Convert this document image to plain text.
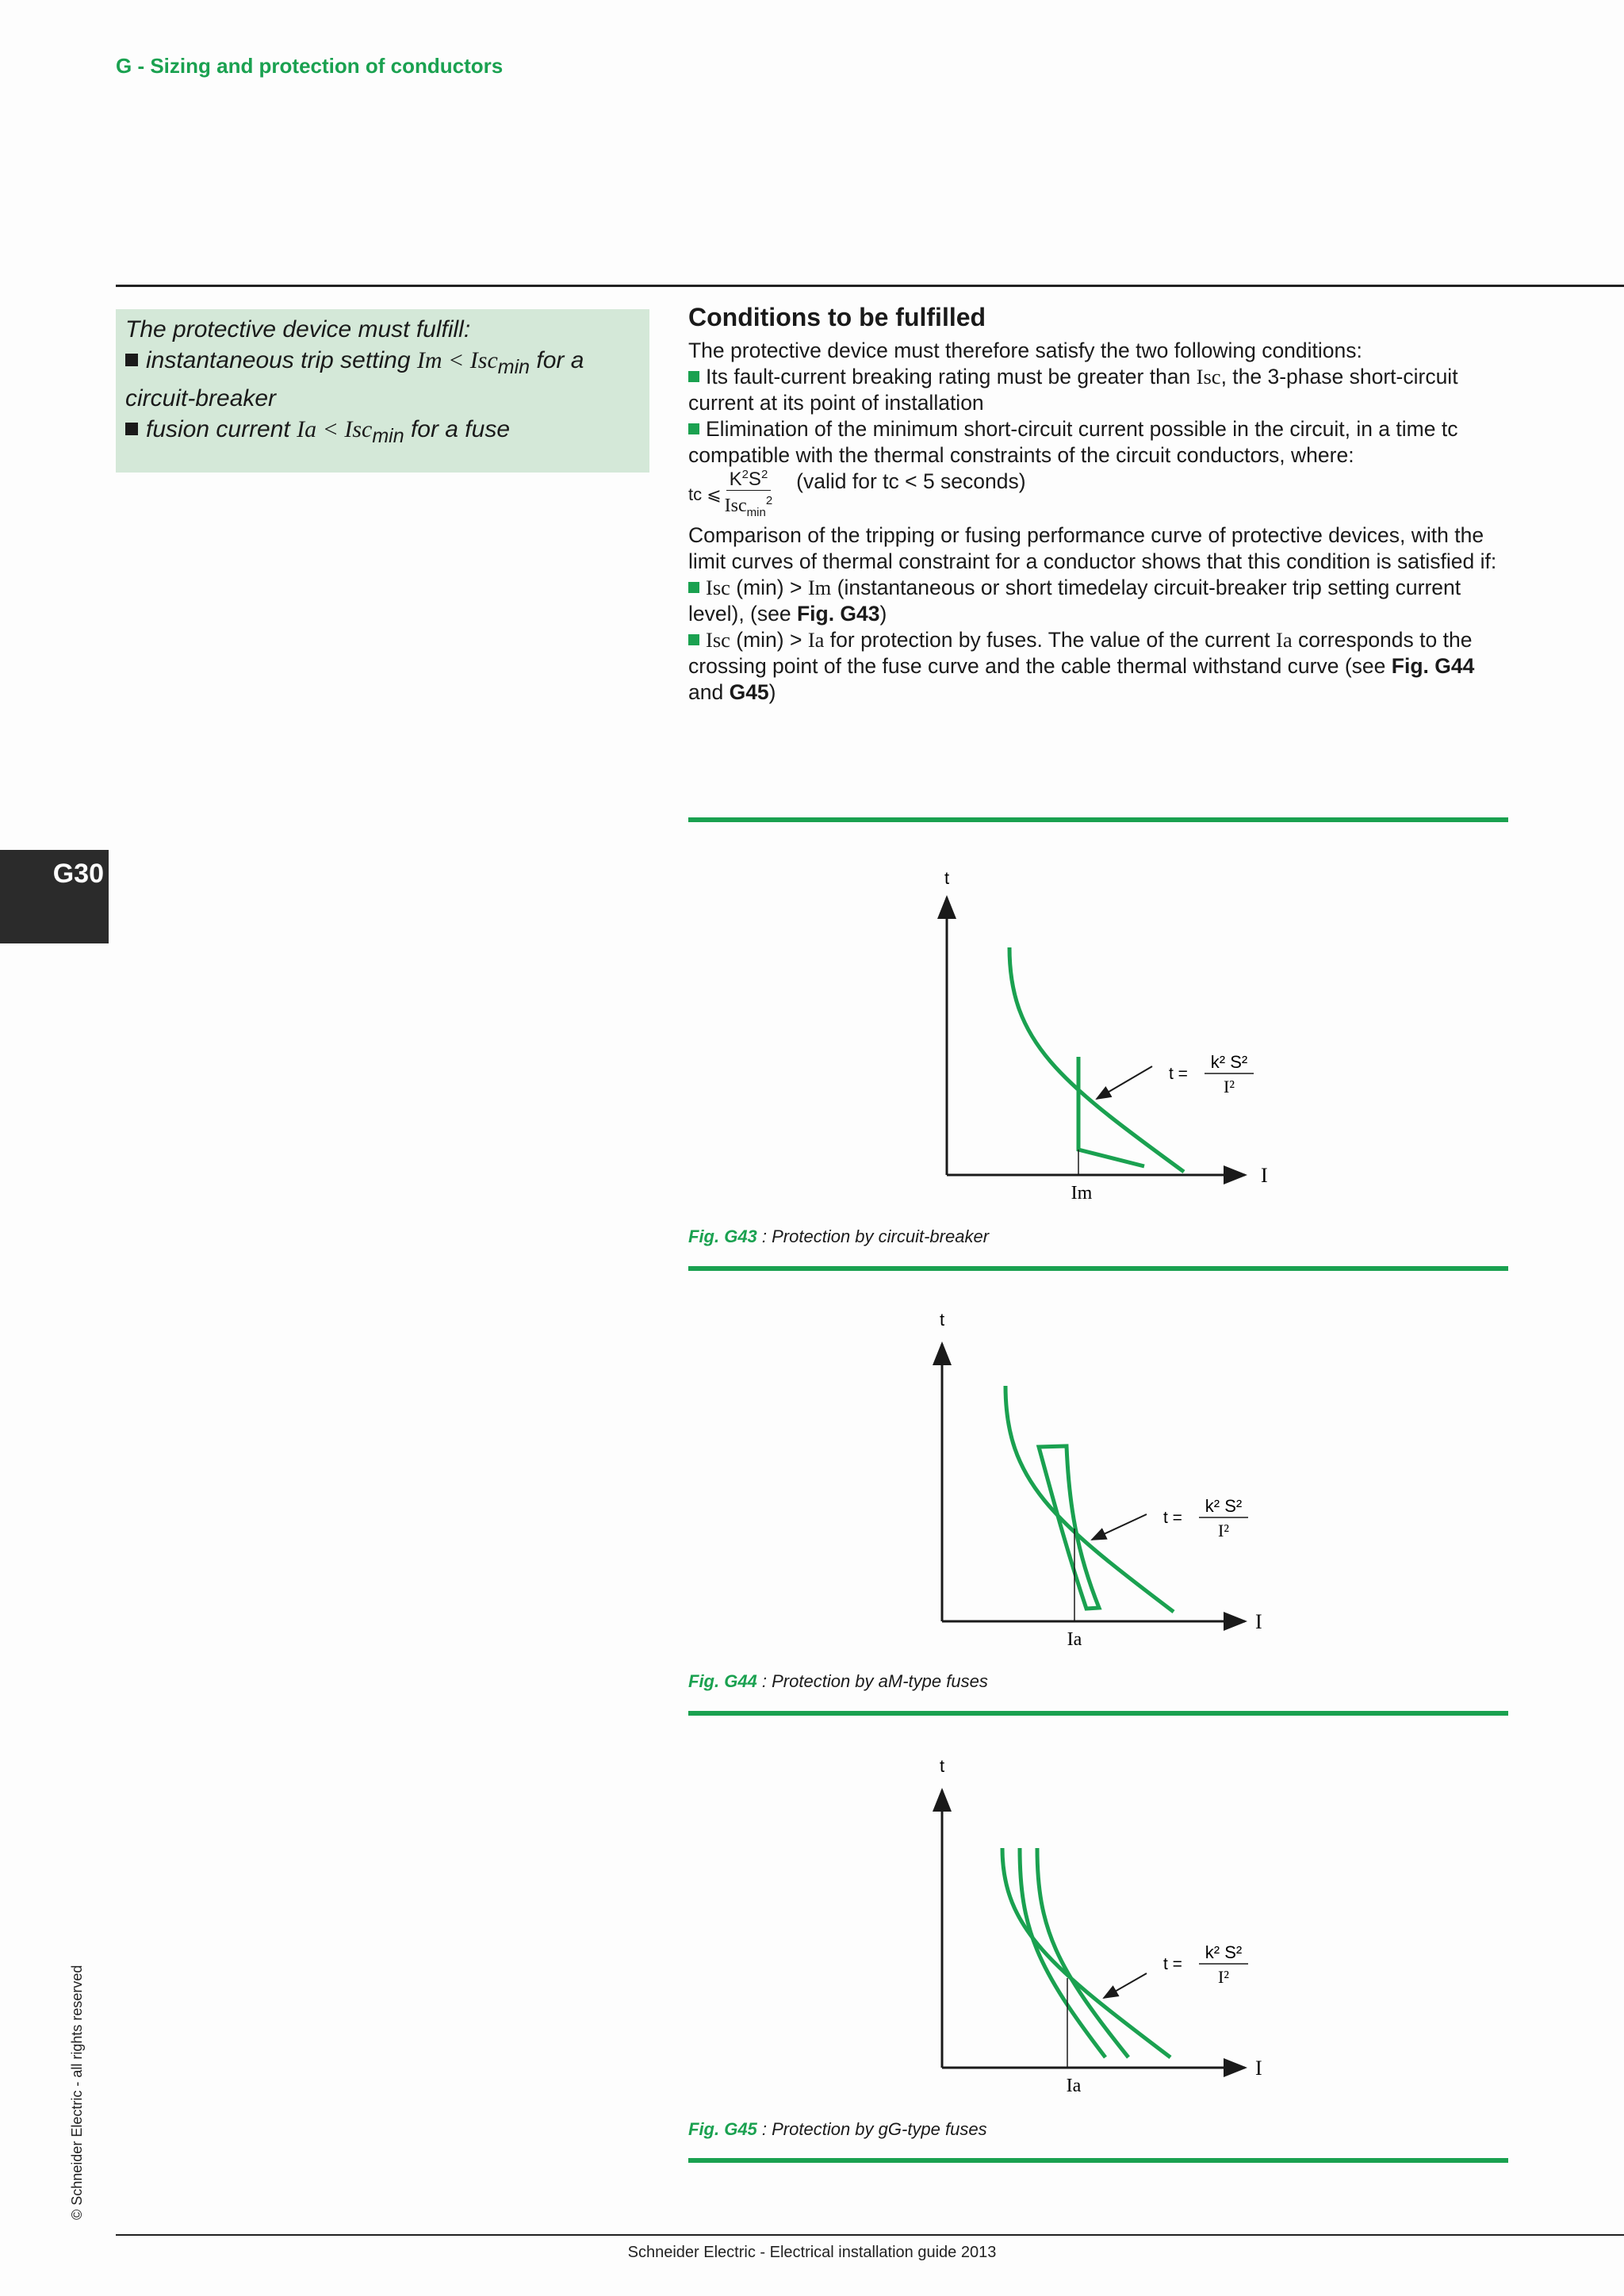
G - Sizing and protection of conductors
G30
The protective device must fulfill:
instantaneous trip setting Im < Isc$_{min}$ for a circuit-breaker
fusion current Ia < Isc$_{min}$ for a fuse
Conditions to be fulfilled

The protective device must therefore satisfy the two following conditions:

Its fault-current breaking rating must be greater than Isc, the 3-phase short-circuit current at its point of installation

Elimination of the minimum short-circuit current possible in the circuit, in a time tc compatible with the thermal constraints of the circuit conductors, where:

tc ⩽ $\frac{K^2S^2}{Isc_{min}^2}$ (valid for tc < 5 seconds)

Comparison of the tripping or fusing performance curve of protective devices, with the limit curves of thermal constraint for a conductor shows that this condition is satisfied if:

Isc (min) > Im (instantaneous or short timedelay circuit-breaker trip setting current level), (see Fig. G43)

Isc (min) > Ia for protection by fuses. The value of the current Ia corresponds to the crossing point of the fuse curve and the cable thermal withstand curve (see Fig. G44 and G45)

t
I
Im
t =
k² S²
I²
Fig. G43 : Protection by circuit-breaker
t
I
Ia
t =
k² S²
I²
Fig. G44 : Protection by aM-type fuses
t
I
Ia
t =
k² S²
I²
Fig. G45 : Protection by gG-type fuses
© Schneider Electric - all rights reserved
Schneider Electric - Electrical installation guide 2013
